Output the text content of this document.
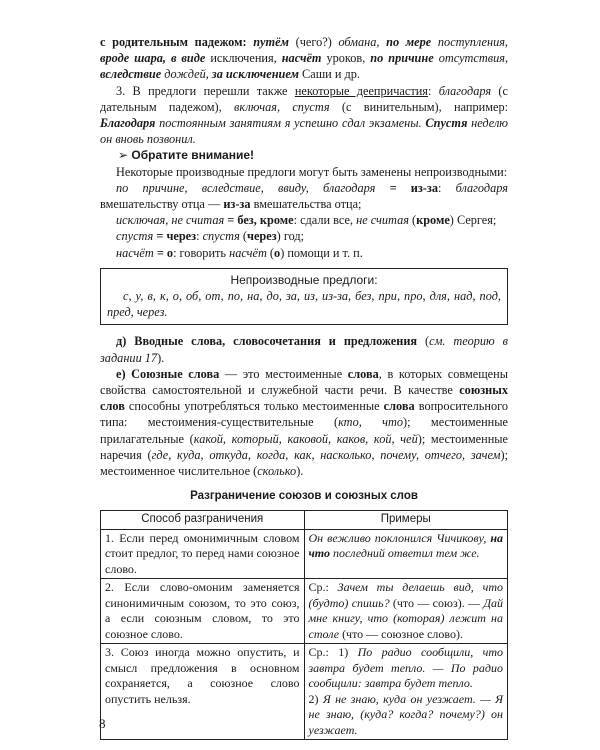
с родительным падежом: путём (чего?) обмана, по мере поступления, вроде шара, в виде исключения, насчёт уроков, по причине отсутствия, вследствие дождей, за исключением Саши и др.

3. В предлоги перешли также некоторые деепричастия: благодаря (с дательным падежом), включая, спустя (с винительным), например: Благодаря постоянным занятиям я успешно сдал экзамены. Спустя неделю он вновь позвонил.

➢ Обратите внимание!

Некоторые производные предлоги могут быть заменены непроизводными:

по причине, вследствие, ввиду, благодаря = из-за: благодаря вмешательству отца — из-за вмешательства отца;

исключая, не считая = без, кроме: сдали все, не считая (кроме) Сергея;

спустя = через: спустя (через) год;

насчёт = о: говорить насчёт (о) помощи и т. п.

Непроизводные предлоги:
с, у, в, к, о, об, от, по, на, до, за, из, из-за, без, при, про, для, над, под, пред, через.

д) Вводные слова, словосочетания и предложения (см. теорию в задании 17).

е) Союзные слова — это местоименные слова, в которых совмещены свойства самостоятельной и служебной части речи. В качестве союзных слов способны употребляться только местоименные слова вопросительного типа: местоимения-существительные (кто, что); местоименные прилагательные (какой, который, каковой, каков, кой, чей); местоименные наречия (где, куда, откуда, когда, как, насколько, почему, отчего, зачем); местоименное числительное (сколько).

Разграничение союзов и союзных слов
Способ разграничения	Примеры
1. Если перед омонимичным словом стоит предлог, то перед нами союзное слово.	Он вежливо поклонился Чичикову, на что последний ответил тем же.
2. Если слово-омоним заменяется синонимичным союзом, то это союз, а если союзным словом, то это союзное слово.	Ср.: Зачем ты делаешь вид, что (будто) спишь? (что — союз). — Дай мне книгу, что (которая) лежит на столе (что — союзное слово).
3. Союз иногда можно опустить, и смысл предложения в основном сохраняется, а союзное слово опустить нельзя.	Ср.: 1) По радио сообщили, что завтра будет тепло. — По радио сообщили: завтра будет тепло.
2) Я не знаю, куда он уезжает. — Я не знаю, (куда? когда? почему?) он уезжает.
8
